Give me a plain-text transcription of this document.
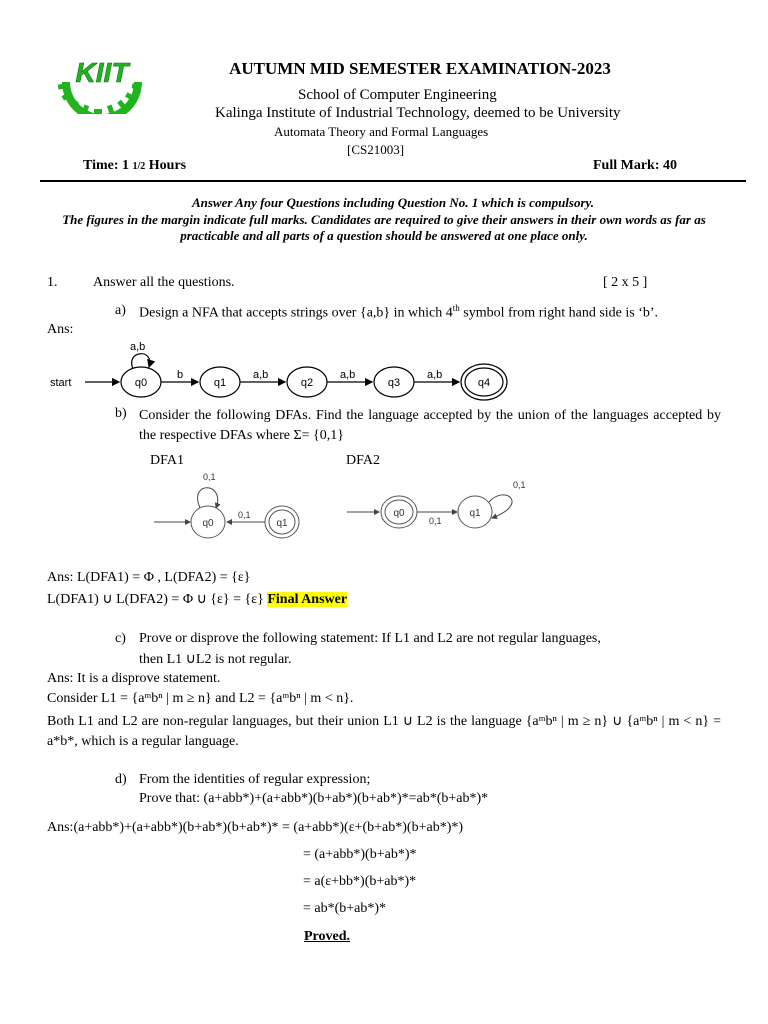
KIIT	AUTUMN MID SEMESTER EXAMINATION-2023
School of Computer Engineering
Kalinga Institute of Industrial Technology, deemed to be University
Automata Theory and Formal Languages
[CS21003]
Time: 1 1/2 Hours	Full Mark: 40
Answer Any four Questions including Question No. 1 which is compulsory.
The figures in the margin indicate full marks. Candidates are required to give their answers in their own words as far as practicable and all parts of a question should be answered at one place only.
1.	Answer all the questions.	[ 2 x 5 ]
a) Design a NFA that accepts strings over {a,b} in which 4th symbol from right hand side is ‘b’.
Ans:
start
a,b
q0	q1	q2	q3	q4
b	a,b	a,b	a,b
b) Consider the following DFAs. Find the language accepted by the union of the languages accepted by the respective DFAs where Σ= {0,1}
DFA1	DFA2
0,1
q0	q1
0,1	q0
0,1
q1
0,1
Ans: L(DFA1) = Φ , L(DFA2) = {ε}
L(DFA1) ∪ L(DFA2) = Φ ∪ {ε} = {ε} Final Answer
c) Prove or disprove the following statement: If L1 and L2 are not regular languages,
then L1 ∪L2 is not regular.
Ans: It is a disprove statement.
Consider L1 = {aᵐbⁿ | m ≥ n} and L2 = {aᵐbⁿ | m < n}.
Both L1 and L2 are non-regular languages, but their union L1 ∪ L2 is the language {aᵐbⁿ | m ≥ n} ∪ {aᵐbⁿ | m < n} = a*b*, which is a regular language.
d) From the identities of regular expression;
Prove that: (a+abb*)+(a+abb*)(b+ab*)(b+ab*)*=ab*(b+ab*)*
Ans:(a+abb*)+(a+abb*)(b+ab*)(b+ab*)* = (a+abb*)(ε+(b+ab*)(b+ab*)*)
= (a+abb*)(b+ab*)*
= a(ε+bb*)(b+ab*)*
= ab*(b+ab*)*
Proved.
